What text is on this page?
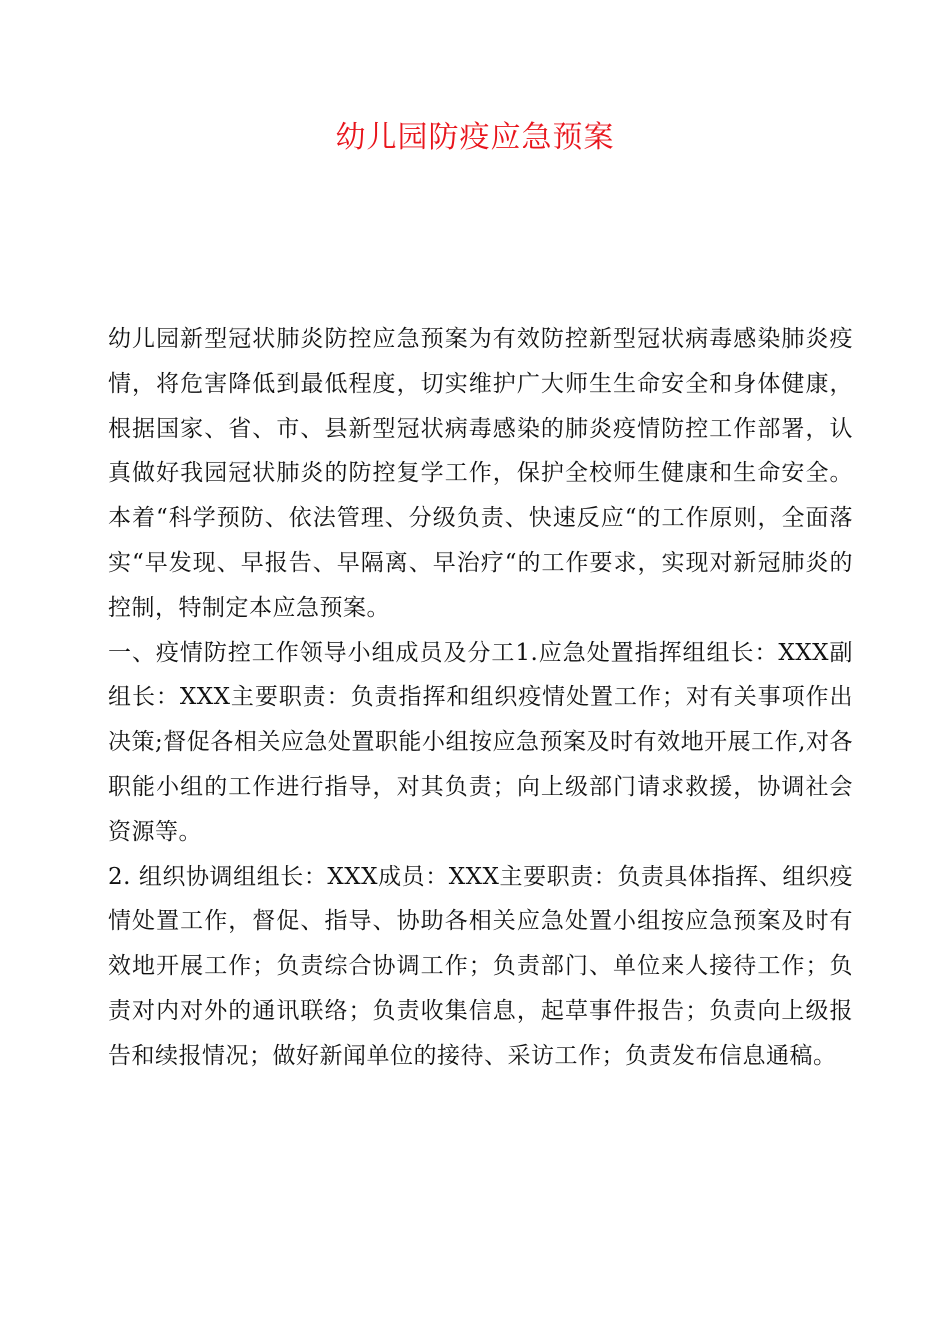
幼儿园防疫应急预案

幼儿园新型冠状肺炎防控应急预案为有效防控新型冠状病毒感染肺炎疫情，将危害降低到最低程度，切实维护广大师生生命安全和身体健康，根据国家、省、市、县新型冠状病毒感染的肺炎疫情防控工作部署，认真做好我园冠状肺炎的防控复学工作，保护全校师生健康和生命安全。本着“科学预防、依法管理、分级负责、快速反应“的工作原则，全面落实“早发现、早报告、早隔离、早治疗“的工作要求，实现对新冠肺炎的控制，特制定本应急预案。

一、疫情防控工作领导小组成员及分工1.应急处置指挥组组长：XXX副组长：XXX主要职责：负责指挥和组织疫情处置工作；对有关事项作出决策;督促各相关应急处置职能小组按应急预案及时有效地开展工作,对各职能小组的工作进行指导，对其负责；向上级部门请求救援，协调社会资源等。

2. 组织协调组组长：XXX成员：XXX主要职责：负责具体指挥、组织疫情处置工作，督促、指导、协助各相关应急处置小组按应急预案及时有效地开展工作；负责综合协调工作；负责部门、单位来人接待工作；负责对内对外的通讯联络；负责收集信息，起草事件报告；负责向上级报告和续报情况；做好新闻单位的接待、采访工作；负责发布信息通稿。
